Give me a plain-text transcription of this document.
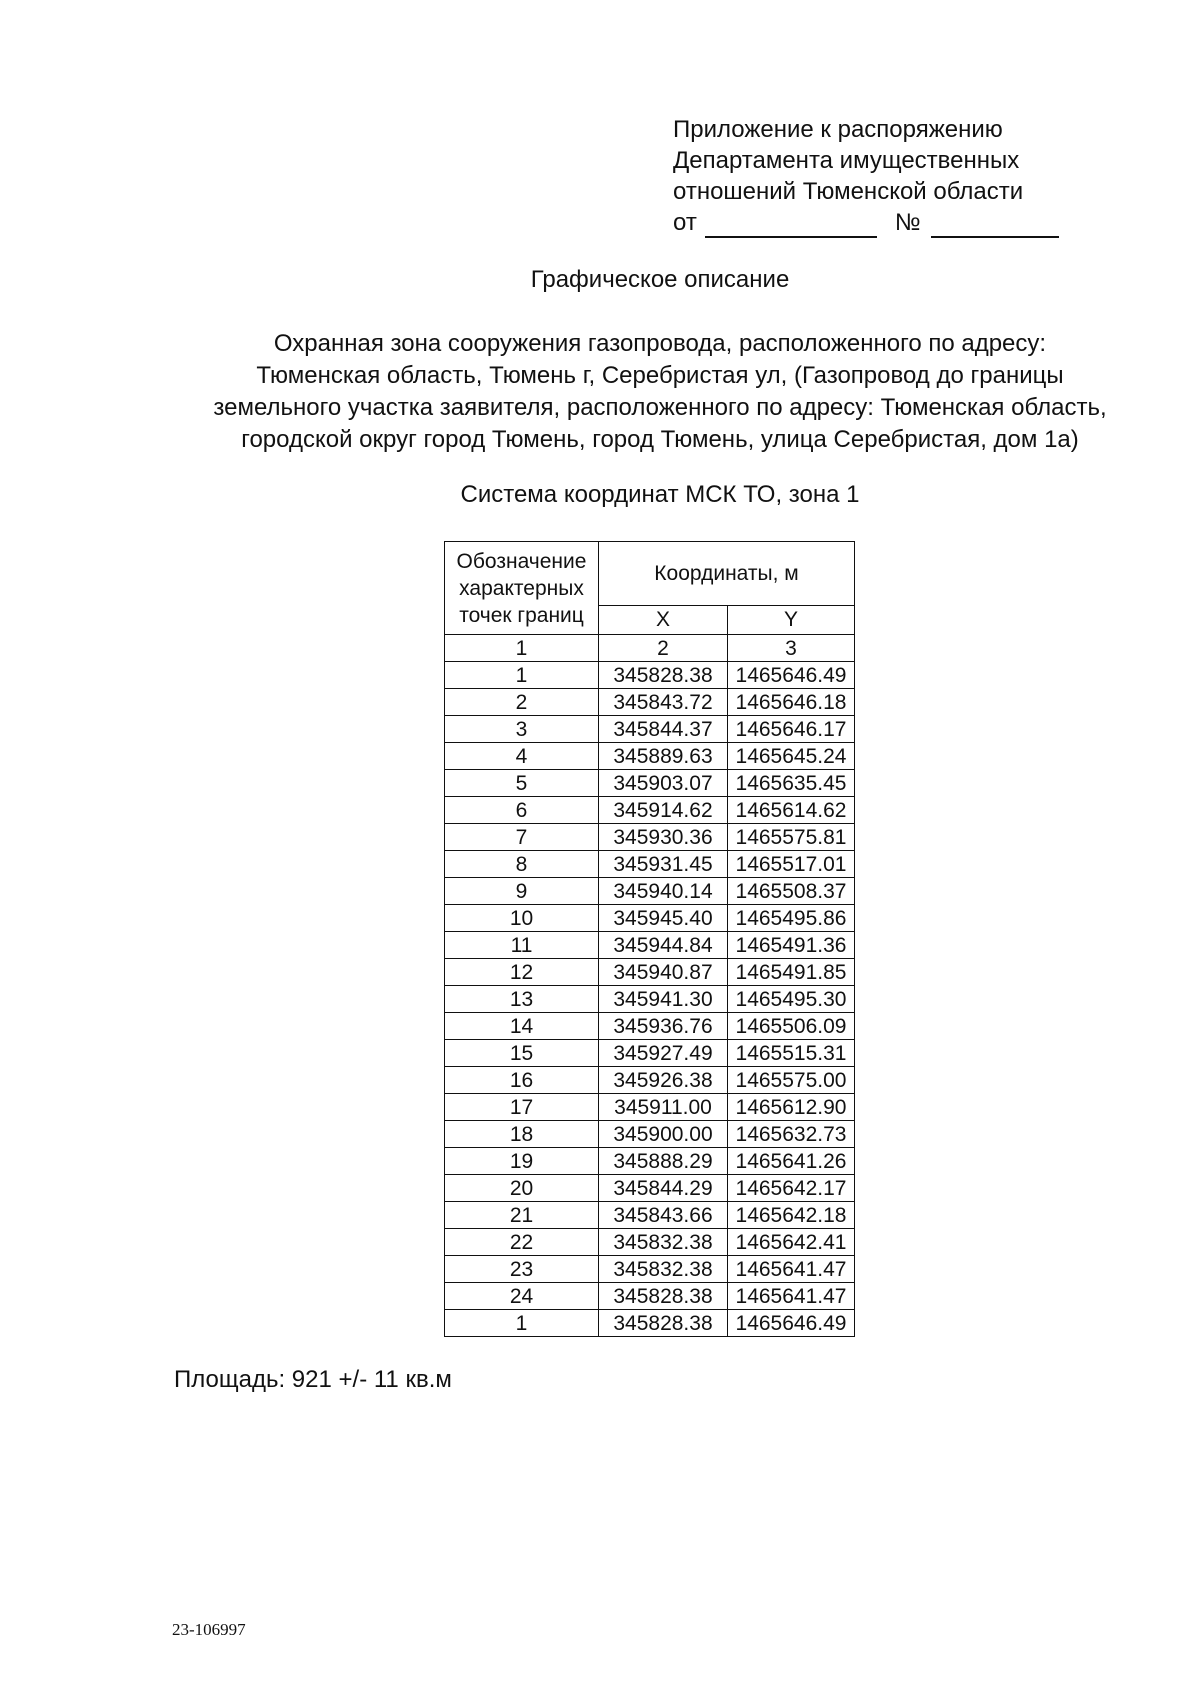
Приложение к распоряжению
Департамента имущественных
отношений Тюменской области
от	№
Графическое описание
Охранная зона сооружения газопровода, расположенного по адресу:
Тюменская область, Тюмень г, Серебристая ул, (Газопровод до границы
земельного участка заявителя, расположенного по адресу: Тюменская область,
городской округ город Тюмень, город Тюмень, улица Серебристая, дом 1а)
Система координат МСК ТО, зона 1
Обозначение
характерных
точек границ	Координаты, м	
	X	Y
1	2	3
1	345828.38	1465646.49
2	345843.72	1465646.18
3	345844.37	1465646.17
4	345889.63	1465645.24
5	345903.07	1465635.45
6	345914.62	1465614.62
7	345930.36	1465575.81
8	345931.45	1465517.01
9	345940.14	1465508.37
10	345945.40	1465495.86
11	345944.84	1465491.36
12	345940.87	1465491.85
13	345941.30	1465495.30
14	345936.76	1465506.09
15	345927.49	1465515.31
16	345926.38	1465575.00
17	345911.00	1465612.90
18	345900.00	1465632.73
19	345888.29	1465641.26
20	345844.29	1465642.17
21	345843.66	1465642.18
22	345832.38	1465642.41
23	345832.38	1465641.47
24	345828.38	1465641.47
1	345828.38	1465646.49
Площадь: 921 +/- 11 кв.м
23-106997
